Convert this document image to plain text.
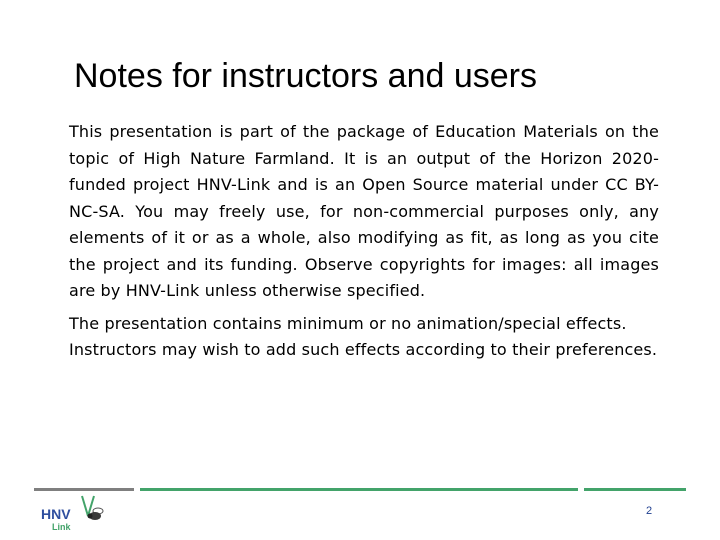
Notes for instructors and users

This presentation is part of the package of Education Materials on the topic of High Nature Farmland. It is an output of the Horizon 2020-funded project HNV-Link and is an Open Source material under CC BY-NC-SA. You may freely use, for non-commercial purposes only, any elements of it or as a whole, also modifying as fit, as long as you cite the project and its funding. Observe copyrights for images: all images are by HNV-Link unless otherwise specified.

The presentation contains minimum or no animation/special effects. Instructors may wish to add such effects according to their preferences.

HNV
Link
2
